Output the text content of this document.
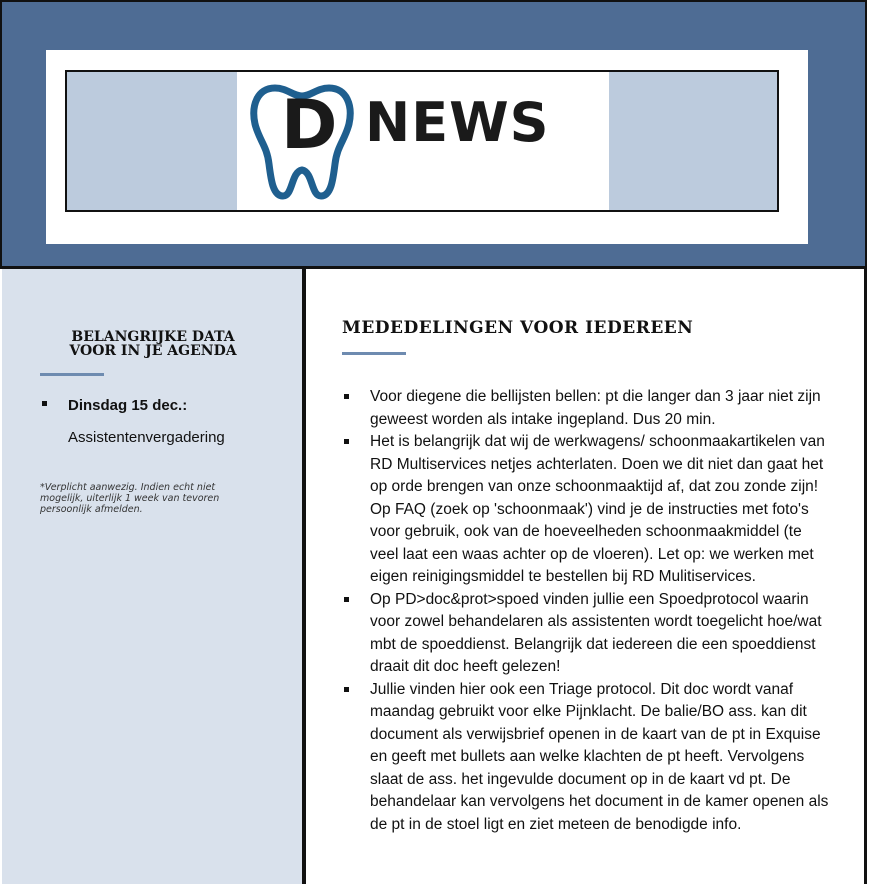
D NEWS
BELANGRIJKE DATA
VOOR IN JE AGENDA
Dinsdag 15 dec.:
Assistentenvergadering
*Verplicht aanwezig. Indien echt niet mogelijk, uiterlijk 1 week van tevoren persoonlijk afmelden.
MEDEDELINGEN VOOR IEDEREEN
Voor diegene die bellijsten bellen: pt die langer dan 3 jaar niet zijn geweest worden als intake ingepland. Dus 20 min.
Het is belangrijk dat wij de werkwagens/ schoonmaakartikelen van RD Multiservices netjes achterlaten. Doen we dit niet dan gaat het op orde brengen van onze schoonmaaktijd af, dat zou zonde zijn! Op FAQ (zoek op 'schoonmaak') vind je de instructies met foto's voor gebruik, ook van de hoeveelheden schoonmaakmiddel (te veel laat een waas achter op de vloeren). Let op: we werken met eigen reinigingsmiddel te bestellen bij RD Mulitiservices.
Op PD>doc&prot>spoed vinden jullie een Spoedprotocol waarin voor zowel behandelaren als assistenten wordt toegelicht hoe/wat mbt de spoeddienst. Belangrijk dat iedereen die een spoeddienst draait dit doc heeft gelezen!
Jullie vinden hier ook een Triage protocol. Dit doc wordt vanaf maandag gebruikt voor elke Pijnklacht. De balie/BO ass. kan dit document als verwijsbrief openen in de kaart van de pt in Exquise en geeft met bullets aan welke klachten de pt heeft. Vervolgens slaat de ass. het ingevulde document op in de kaart vd pt. De behandelaar kan vervolgens het document in de kamer openen als de pt in de stoel ligt en ziet meteen de benodigde info.
